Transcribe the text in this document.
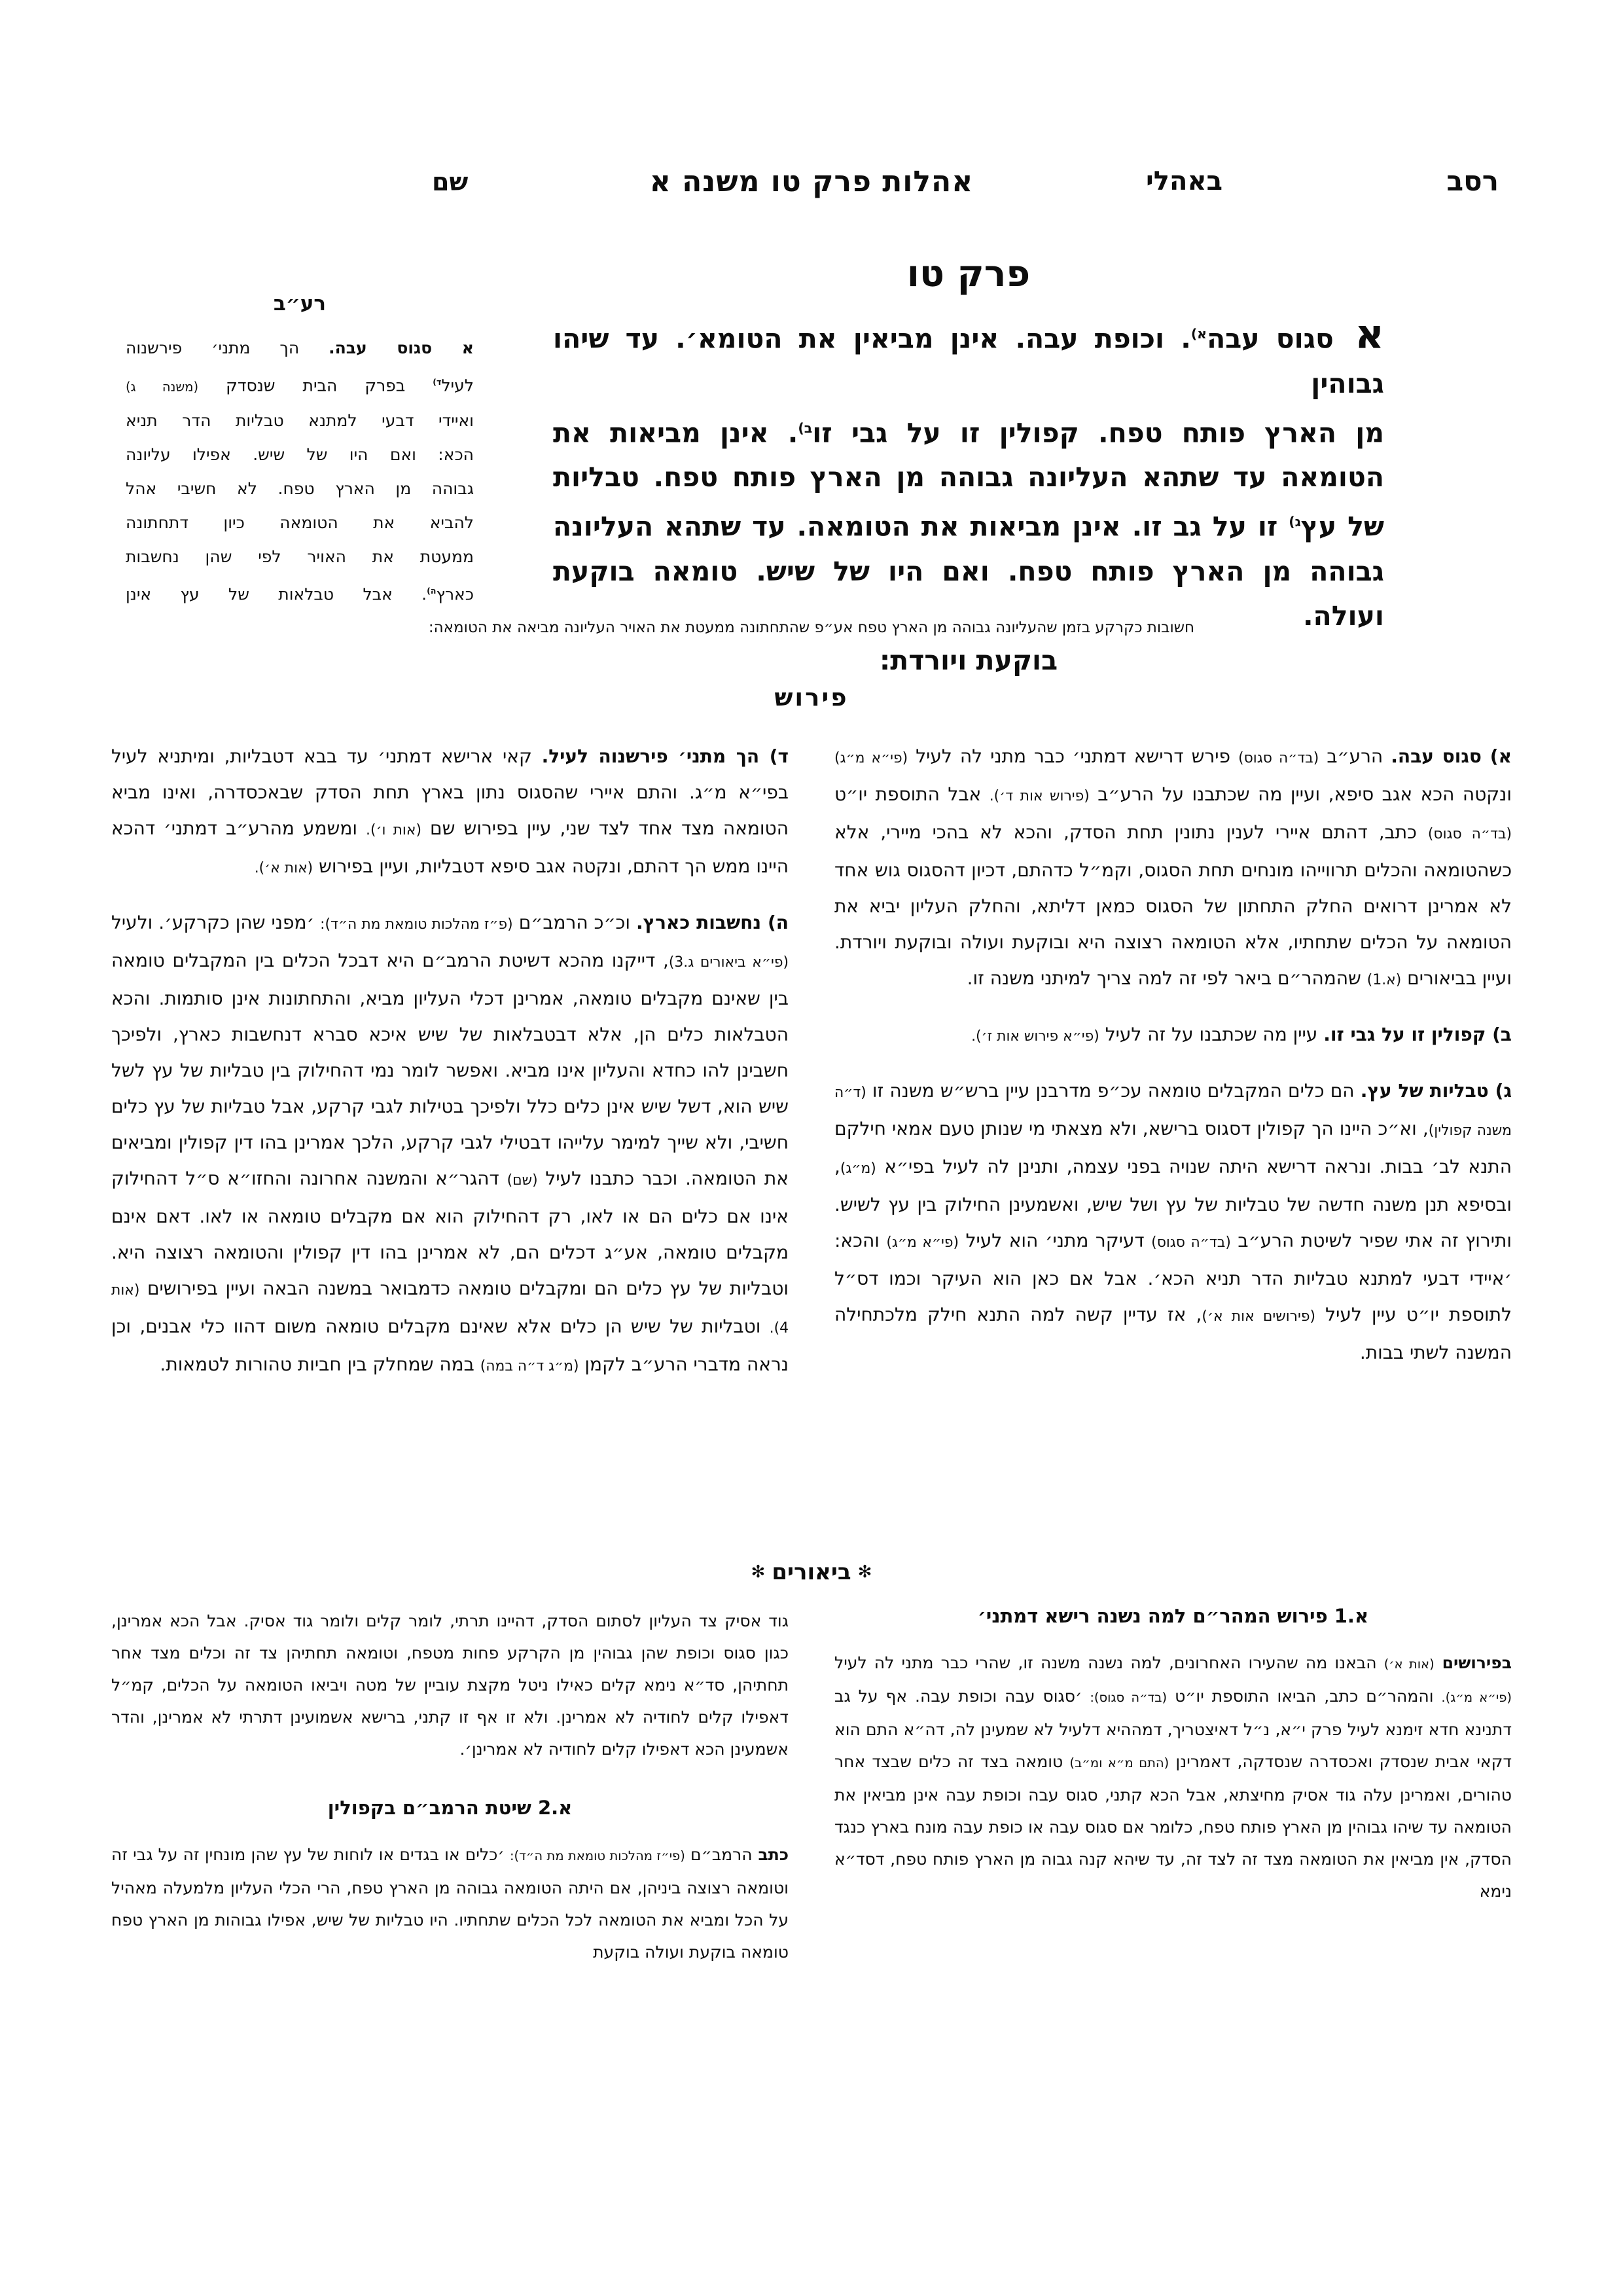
רסב
באהלי
אהלות פרק טו משנה א
שם
פרק טו
א סגוס עבה$^{א)}$. וכופת עבה. אינן מביאין את הטומא׳. עד שיהו גבוהין
מן הארץ פותח טפח. קפולין זו על גבי זו$^{ב)}$. אינן מביאות את
הטומאה עד שתהא העליונה גבוהה מן הארץ פותח טפח. טבליות
של עץ$^{ג)}$ זו על גב זו. אינן מביאות את הטומאה. עד שתהא העליונה
גבוהה מן הארץ פותח טפח. ואם היו של שיש. טומאה בוקעת ועולה.
בוקעת ויורדת:
רע״ב
א סגוס עבה. הך מתני׳ פירשנוה
לעיל$^{ד)}$ בפרק הבית שנסדק (משנה ג)
ואיידי דבעי למתנא טבליות הדר תניא
הכא: ואם היו של שיש. אפילו עליונה
גבוהה מן הארץ טפח. לא חשיבי אהל
להביא את הטומאה כיון דתחתונה
ממעטת את האויר לפי שהן נחשבות
כארץ$^{ה)}$. אבל טבלאות של עץ אינן
חשובות כקרקע בזמן שהעליונה גבוהה מן הארץ טפח אע״פ שהתחתונה ממעטת את האויר העליונה מביאה את הטומאה:
פירוש

א) סגוס עבה. הרע״ב (בד״ה סגוס) פירש דרישא דמתני׳ כבר מתני לה לעיל (פי״א מ״ג) ונקטה הכא אגב סיפא, ועיין מה שכתבנו על הרע״ב (פירוש אות ד׳). אבל התוספת יו״ט (בד״ה סגוס) כתב, דהתם איירי לענין נתונין תחת הסדק, והכא לא בהכי מיירי, אלא כשהטומאה והכלים תרווייהו מונחים תחת הסגוס, וקמ״ל כדהתם, דכיון דהסגוס גוש אחד לא אמרינן דרואים החלק התחתון של הסגוס כמאן דליתא, והחלק העליון יביא את הטומאה על הכלים שתחתיו, אלא הטומאה רצוצה היא ובוקעת ועולה ובוקעת ויורדת. ועיין בביאורים (א.1) שהמהר״ם ביאר לפי זה למה צריך למיתני משנה זו.

ב) קפולין זו על גבי זו. עיין מה שכתבנו על זה לעיל (פי״א פירוש אות ז׳).

ג) טבליות של עץ. הם כלים המקבלים טומאה עכ״פ מדרבנן עיין ברש״ש משנה זו (ד״ה משנה קפולין), וא״כ היינו הך קפולין דסגוס ברישא, ולא מצאתי מי שנותן טעם אמאי חילקם התנא לב׳ בבות. ונראה דרישא היתה שנויה בפני עצמה, ותנינן לה לעיל בפי״א (מ״ג), ובסיפא תנן משנה חדשה של טבליות של עץ ושל שיש, ואשמעינן החילוק בין עץ לשיש. ותירוץ זה אתי שפיר לשיטת הרע״ב (בד״ה סגוס) דעיקר מתני׳ הוא לעיל (פי״א מ״ג) והכא: ׳איידי דבעי למתנא טבליות הדר תניא הכא׳. אבל אם כאן הוא העיקר וכמו דס״ל לתוספת יו״ט עיין לעיל (פירושים אות א׳), אז עדיין קשה למה התנא חילק מלכתחילה המשנה לשתי בבות.

ד) הך מתני׳ פירשנוה לעיל. קאי ארישא דמתני׳ עד בבא דטבליות, ומיתניא לעיל בפי״א מ״ג. והתם איירי שהסגוס נתון בארץ תחת הסדק שבאכסדרה, ואינו מביא הטומאה מצד אחד לצד שני, עיין בפירוש שם (אות ו׳). ומשמע מהרע״ב דמתני׳ דהכא היינו ממש הך דהתם, ונקטה אגב סיפא דטבליות, ועיין בפירוש (אות א׳).

ה) נחשבות כארץ. וכ״כ הרמב״ם (פ״ז מהלכות טומאת מת ה״ד): ׳מפני שהן כקרקע׳. ולעיל (פי״א ביאורים ג.3), דייקנו מהכא דשיטת הרמב״ם היא דבכל הכלים בין המקבלים טומאה בין שאינם מקבלים טומאה, אמרינן דכלי העליון מביא, והתחתונות אינן סותמות. והכא הטבלאות כלים הן, אלא דבטבלאות של שיש איכא סברא דנחשבות כארץ, ולפיכך חשבינן להו כחדא והעליון אינו מביא. ואפשר לומר נמי דהחילוק בין טבליות של עץ לשל שיש הוא, דשל שיש אינן כלים כלל ולפיכך בטילות לגבי קרקע, אבל טבליות של עץ כלים חשיבי, ולא שייך למימר עלייהו דבטילי לגבי קרקע, הלכך אמרינן בהו דין קפולין ומביאים את הטומאה. וכבר כתבנו לעיל (שם) דהגר״א והמשנה אחרונה והחזו״א ס״ל דהחילוק אינו אם כלים הם או לאו, רק דהחילוק הוא אם מקבלים טומאה או לאו. דאם אינם מקבלים טומאה, אע״ג דכלים הם, לא אמרינן בהו דין קפולין והטומאה רצוצה היא. וטבליות של עץ כלים הם ומקבלים טומאה כדמבואר במשנה הבאה ועיין בפירושים (אות 4). וטבליות של שיש הן כלים אלא שאינם מקבלים טומאה משום דהוו כלי אבנים, וכן נראה מדברי הרע״ב לקמן (מ״ג ד״ה במה) במה שמחלק בין חביות טהורות לטמאות.

✻ביאורים✻
א.1 פירוש המהר״ם למה נשנה רישא דמתני׳

בפירושים (אות א׳) הבאנו מה שהעירו האחרונים, למה נשנה משנה זו, שהרי כבר מתני לה לעיל (פי״א מ״ג). והמהר״ם כתב, הביאו התוספת יו״ט (בד״ה סגוס): ׳סגוס עבה וכופת עבה. אף על גב דתנינא חדא זימנא לעיל פרק י״א, נ״ל דאיצטריך, דמההיא דלעיל לא שמעינן לה, דה״א התם הוא דקאי אבית שנסדק ואכסדרה שנסדקה, דאמרינן (התם מ״א ומ״ב) טומאה בצד זה כלים שבצד אחר טהורים, ואמרינן עלה גוד אסיק מחיצתא, אבל הכא קתני, סגוס עבה וכופת עבה אינן מביאין את הטומאה עד שיהו גבוהין מן הארץ פותח טפח, כלומר אם סגוס עבה או כופת עבה מונח בארץ כנגד הסדק, אין מביאין את הטומאה מצד זה לצד זה, עד שיהא קנה גבוה מן הארץ פותח טפח, דסד״א נימא

גוד אסיק צד העליון לסתום הסדק, דהיינו תרתי, לומר קלים ולומר גוד אסיק. אבל הכא אמרינן, כגון סגוס וכופת שהן גבוהין מן הקרקע פחות מטפח, וטומאה תחתיהן צד זה וכלים מצד אחר תחתיהן, סד״א נימא קלים כאילו ניטל מקצת עוביין של מטה ויביאו הטומאה על הכלים, קמ״ל דאפילו קלים לחודיה לא אמרינן. ולא זו אף זו קתני, ברישא אשמועינן דתרתי לא אמרינן, והדר אשמעינן הכא דאפילו קלים לחודיה לא אמרינן׳.

א.2 שיטת הרמב״ם בקפולין

כתב הרמב״ם (פי״ז מהלכות טומאת מת ה״ד): ׳כלים או בגדים או לוחות של עץ שהן מונחין זה על גבי זה וטומאה רצוצה ביניהן, אם היתה הטומאה גבוהה מן הארץ טפח, הרי הכלי העליון מלמעלה מאהיל על הכל ומביא את הטומאה לכל הכלים שתחתיו. היו טבליות של שיש, אפילו גבוהות מן הארץ טפח טומאה בוקעת ועולה בוקעת
